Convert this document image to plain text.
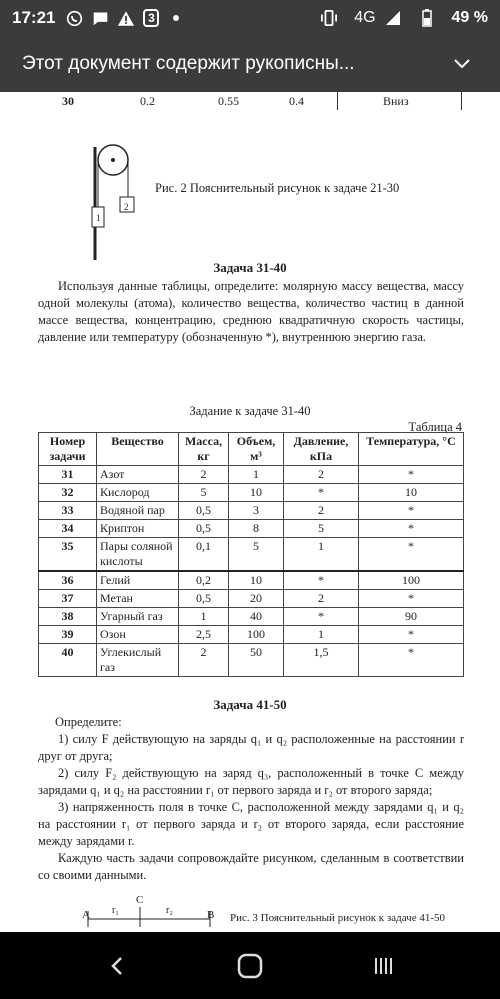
17:21	3	4G	49 %
Этот документ содержит рукописны...
30	0.2	0.55	0.4	Вниз
1
2
Рис. 2 Пояснительный рисунок к задаче 21-30
Задача 31-40
Используя данные таблицы, определите: молярную массу вещества, массу одной молекулы (атома), количество вещества, количество частиц в данной массе вещества, концентрацию, среднюю квадратичную скорость частицы, давление или температуру (обозначенную *), внутреннюю энергию газа.
Задание к задаче 31-40
Таблица 4
Номер задачи	Вещество	Масса, кг	Объем, м³	Давление, кПа	Температура, °С
31	Азот	2	1	2	*
32	Кислород	5	10	*	10
33	Водяной пар	0,5	3	2	*
34	Криптон	0,5	8	5	*
35	Пары соляной кислоты	0,1	5	1	*
36	Гелий	0,2	10	*	100
37	Метан	0,5	20	2	*
38	Угарный газ	1	40	*	90
39	Озон	2,5	100	1	*
40	Углекислый газ	2	50	1,5	*
Задача 41-50
Определите:
1) силу F действующую на заряды q₁ и q₂ расположенные на расстоянии r друг от друга;
2) силу F₂ действующую на заряд q₃, расположенный в точке С между зарядами q₁ и q₂ на расстоянии r₁ от первого заряда и r₂ от второго заряда;
3) напряженность поля в точке С, расположенной между зарядами q₁ и q₂ на расстоянии r₁ от первого заряда и r₂ от второго заряда, если расстояние между зарядами r.
Каждую часть задачи сопровождайте рисунком, сделанным в соответствии со своими данными.
A	B
C
r₁	r₂
Рис. 3 Пояснительный рисунок к задаче 41-50
